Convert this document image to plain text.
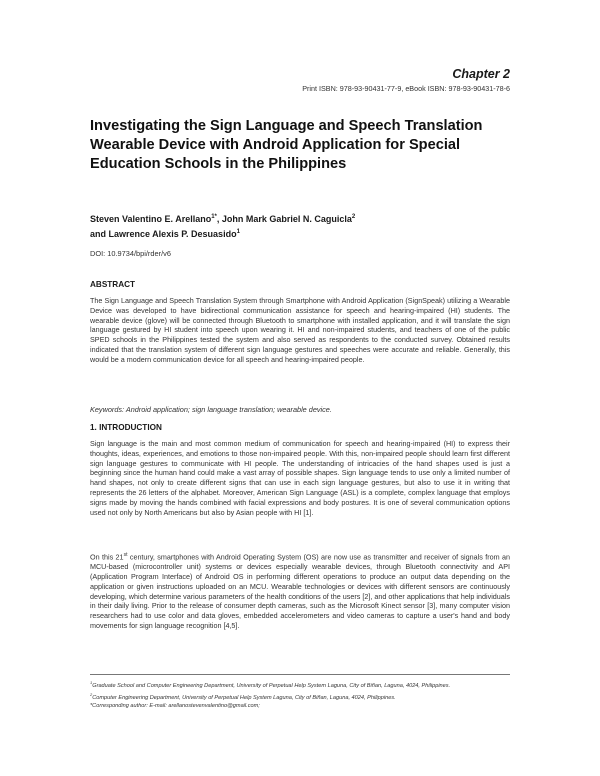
Chapter 2
Print ISBN: 978-93-90431-77-9, eBook ISBN: 978-93-90431-78-6
Investigating the Sign Language and Speech Translation Wearable Device with Android Application for Special Education Schools in the Philippines
Steven Valentino E. Arellano$^{1*}$, John Mark Gabriel N. Caguicla$^2$
and Lawrence Alexis P. Desuasido$^1$
DOI: 10.9734/bpi/rder/v6
ABSTRACT

The Sign Language and Speech Translation System through Smartphone with Android Application (SignSpeak) utilizing a Wearable Device was developed to have bidirectional communication assistance for speech and hearing-impaired (HI) students. The wearable device (glove) will be connected through Bluetooth to smartphone with installed application, and it will translate the sign language gestured by HI student into speech upon wearing it. HI and non-impaired students, and teachers of one of the public SPED schools in the Philippines tested the system and also served as respondents to the conducted survey. Obtained results indicated that the translation system of different sign language gestures and speeches were accurate and reliable. Generally, this would be a modern communication device for all speech and hearing-impaired people.

Keywords: Android application; sign language translation; wearable device.
1. INTRODUCTION

Sign language is the main and most common medium of communication for speech and hearing-impaired (HI) to express their thoughts, ideas, experiences, and emotions to those non-impaired people. With this, non-impaired people should learn first different sign language gestures to communicate with HI people. The understanding of intricacies of the hand shapes used is just a beginning since the human hand could make a vast array of possible shapes. Sign language tends to use only a limited number of hand shapes, not only to create different signs that can use in each sign language gestures, but also to use it in writing that represents the 26 letters of the alphabet. Moreover, American Sign Language (ASL) is a complete, complex language that employs signs made by moving the hands combined with facial expressions and body postures. It is one of several communication options used not only by North Americans but also by Asian people with HI [1].

On this 21st century, smartphones with Android Operating System (OS) are now use as transmitter and receiver of signals from an MCU-based (microcontroller unit) systems or devices especially wearable devices, through Bluetooth connectivity and API (Application Program Interface) of Android OS in performing different operations to produce an output data depending on the application or given instructions uploaded on an MCU. Wearable technologies or devices with different sensors are continuously developing, which determine various parameters of the health conditions of the users [2], and other applications that help individuals in their daily living. Prior to the release of consumer depth cameras, such as the Microsoft Kinect sensor [3], many computer vision researchers had to use color and data gloves, embedded accelerometers and video cameras to capture a user's hand and body movements for sign language recognition [4,5].

$^1$Graduate School and Computer Engineering Department, University of Perpetual Help System Laguna, City of Biñan, Laguna, 4024, Philippines.
$^2$Computer Engineering Department, University of Perpetual Help System Laguna, City of Biñan, Laguna, 4024, Philippines.
*Corresponding author: E-mail: arellanostevenvalentino@gmail.com;
